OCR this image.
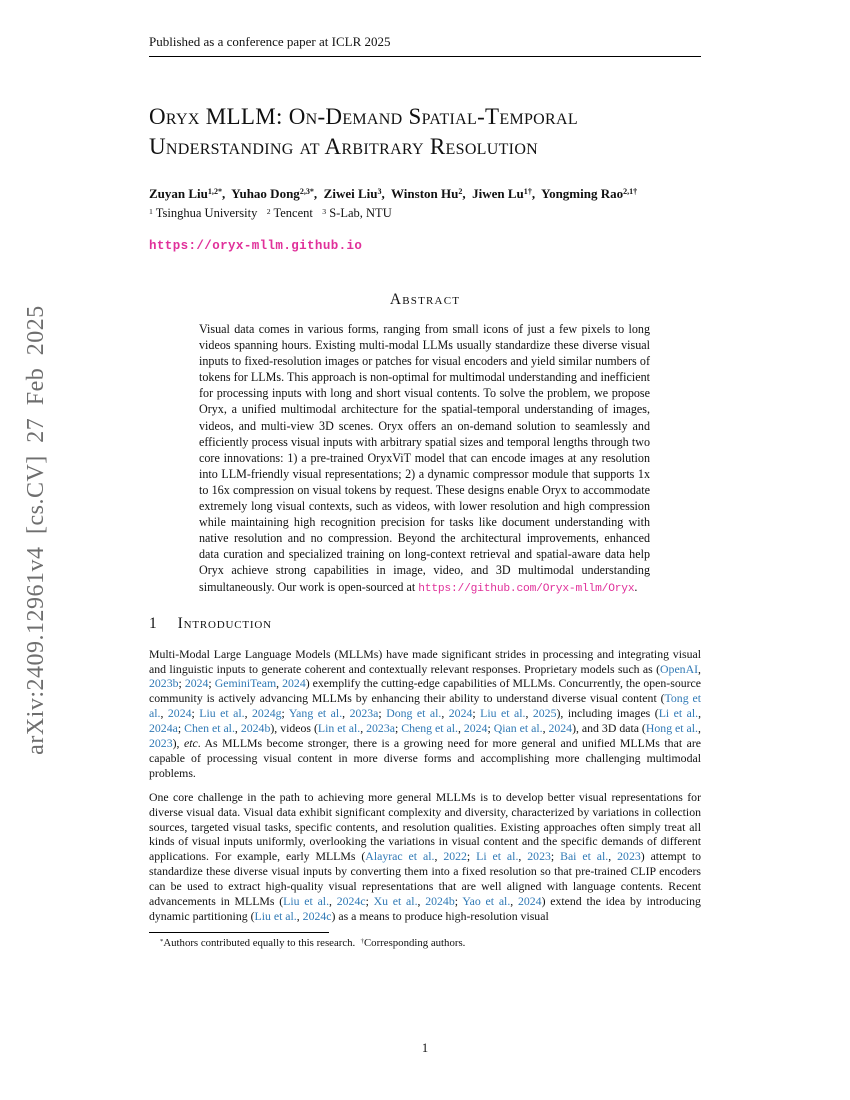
arXiv:2409.12961v4 [cs.CV] 27 Feb 2025
Published as a conference paper at ICLR 2025
Oryx MLLM: On-Demand Spatial-Temporal
Understanding at Arbitrary Resolution
Zuyan Liu$^{1,2*}$,  Yuhao Dong$^{2,3*}$,  Ziwei Liu$^3$,  Winston Hu$^2$,  Jiwen $Lu^{1\dagger}$,  Yongming Rao$^{2,1\dagger}$
$^1$ Tsinghua University   $^2$ Tencent   $^3$ S-Lab, NTU
https://oryx-mllm.github.io
Abstract
Visual data comes in various forms, ranging from small icons of just a few pixels to long videos spanning hours. Existing multi-modal LLMs usually standardize these diverse visual inputs to fixed-resolution images or patches for visual encoders and yield similar numbers of tokens for LLMs. This approach is non-optimal for multimodal understanding and inefficient for processing inputs with long and short visual contents. To solve the problem, we propose Oryx, a unified multimodal architecture for the spatial-temporal understanding of images, videos, and multi-view 3D scenes. Oryx offers an on-demand solution to seamlessly and efficiently process visual inputs with arbitrary spatial sizes and temporal lengths through two core innovations: 1) a pre-trained OryxViT model that can encode images at any resolution into LLM-friendly visual representations; 2) a dynamic compressor module that supports 1x to 16x compression on visual tokens by request. These designs enable Oryx to accommodate extremely long visual contexts, such as videos, with lower resolution and high compression while maintaining high recognition precision for tasks like document understanding with native resolution and no compression. Beyond the architectural improvements, enhanced data curation and specialized training on long-context retrieval and spatial-aware data help Oryx achieve strong capabilities in image, video, and 3D multimodal understanding simultaneously. Our work is open-sourced at https://github.com/Oryx-mllm/Oryx.
1 Introduction
Multi-Modal Large Language Models (MLLMs) have made significant strides in processing and integrating visual and linguistic inputs to generate coherent and contextually relevant responses. Proprietary models such as (OpenAI, 2023b; 2024; GeminiTeam, 2024) exemplify the cutting-edge capabilities of MLLMs. Concurrently, the open-source community is actively advancing MLLMs by enhancing their ability to understand diverse visual content (Tong et al., 2024; Liu et al., 2024g; Yang et al., 2023a; Dong et al., 2024; Liu et al., 2025), including images (Li et al., 2024a; Chen et al., 2024b), videos (Lin et al., 2023a; Cheng et al., 2024; Qian et al., 2024), and 3D data (Hong et al., 2023), etc. As MLLMs become stronger, there is a growing need for more general and unified MLLMs that are capable of processing visual content in more diverse forms and accomplishing more challenging multimodal problems.
One core challenge in the path to achieving more general MLLMs is to develop better visual representations for diverse visual data. Visual data exhibit significant complexity and diversity, characterized by variations in collection sources, targeted visual tasks, specific contents, and resolution qualities. Existing approaches often simply treat all kinds of visual inputs uniformly, overlooking the variations in visual content and the specific demands of different applications. For example, early MLLMs (Alayrac et al., 2022; Li et al., 2023; Bai et al., 2023) attempt to standardize these diverse visual inputs by converting them into a fixed resolution so that pre-trained CLIP encoders can be used to extract high-quality visual representations that are well aligned with language contents. Recent advancements in MLLMs (Liu et al., 2024c; Xu et al., 2024b; Yao et al., 2024) extend the idea by introducing dynamic partitioning (Liu et al., 2024c) as a means to produce high-resolution visual
*Authors contributed equally to this research.  †Corresponding authors.
1
